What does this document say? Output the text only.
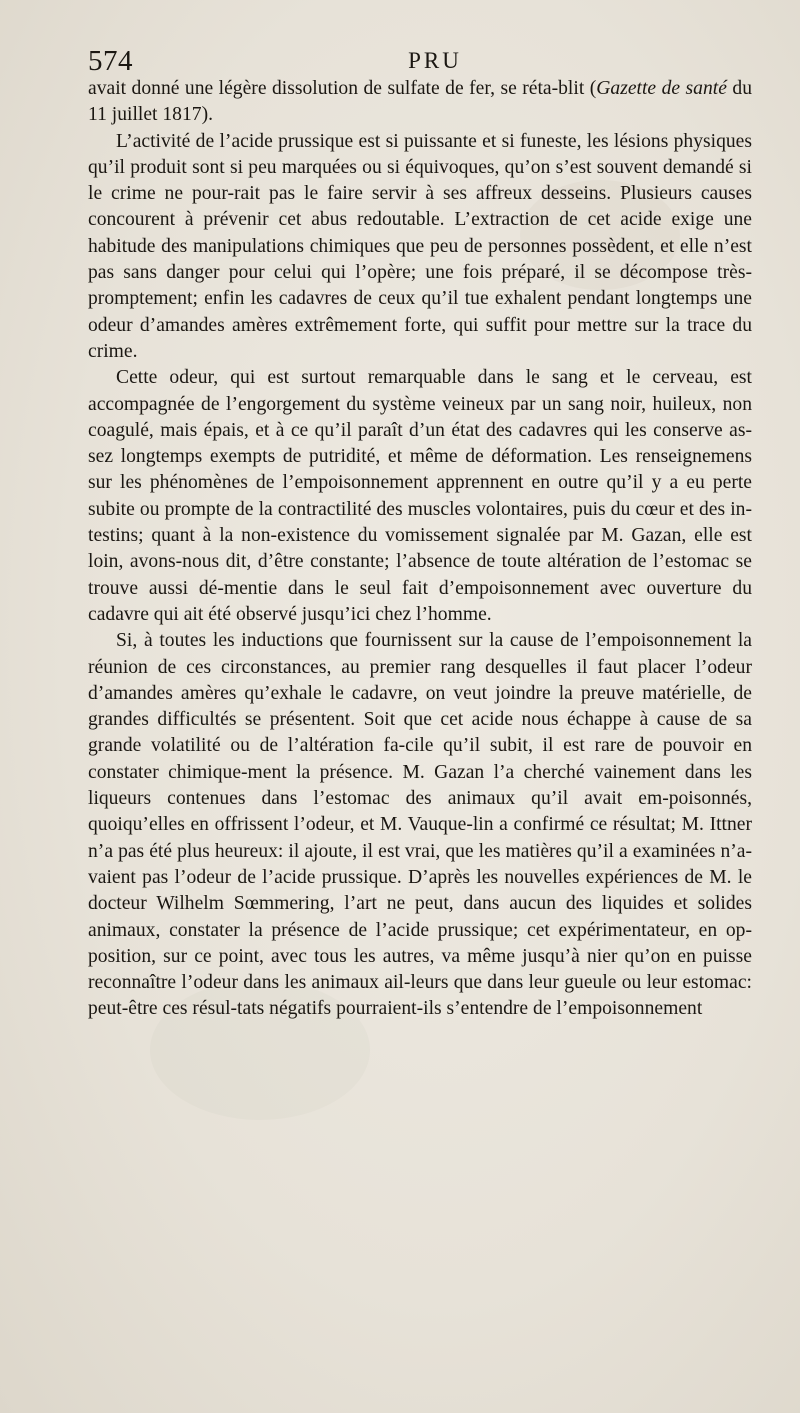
574	PRU

avait donné une légère dissolution de sulfate de fer, se réta-blit (Gazette de santé du 11 juillet 1817).

L’activité de l’acide prussique est si puissante et si funeste, les lésions physiques qu’il produit sont si peu marquées ou si équivoques, qu’on s’est souvent demandé si le crime ne pour-rait pas le faire servir à ses affreux desseins. Plusieurs causes concourent à prévenir cet abus redoutable. L’extraction de cet acide exige une habitude des manipulations chimiques que peu de personnes possèdent, et elle n’est pas sans danger pour celui qui l’opère; une fois préparé, il se décompose très-promptement; enfin les cadavres de ceux qu’il tue exhalent pendant longtemps une odeur d’amandes amères extrêmement forte, qui suffit pour mettre sur la trace du crime.

Cette odeur, qui est surtout remarquable dans le sang et le cerveau, est accompagnée de l’engorgement du système veineux par un sang noir, huileux, non coagulé, mais épais, et à ce qu’il paraît d’un état des cadavres qui les conserve as-sez longtemps exempts de putridité, et même de déformation. Les renseignemens sur les phénomènes de l’empoisonnement apprennent en outre qu’il y a eu perte subite ou prompte de la contractilité des muscles volontaires, puis du cœur et des in-testins; quant à la non-existence du vomissement signalée par M. Gazan, elle est loin, avons-nous dit, d’être constante; l’absence de toute altération de l’estomac se trouve aussi dé-mentie dans le seul fait d’empoisonnement avec ouverture du cadavre qui ait été observé jusqu’ici chez l’homme.

Si, à toutes les inductions que fournissent sur la cause de l’empoisonnement la réunion de ces circonstances, au premier rang desquelles il faut placer l’odeur d’amandes amères qu’exhale le cadavre, on veut joindre la preuve matérielle, de grandes difficultés se présentent. Soit que cet acide nous échappe à cause de sa grande volatilité ou de l’altération fa-cile qu’il subit, il est rare de pouvoir en constater chimique-ment la présence. M. Gazan l’a cherché vainement dans les liqueurs contenues dans l’estomac des animaux qu’il avait em-poisonnés, quoiqu’elles en offrissent l’odeur, et M. Vauque-lin a confirmé ce résultat; M. Ittner n’a pas été plus heureux: il ajoute, il est vrai, que les matières qu’il a examinées n’a-vaient pas l’odeur de l’acide prussique. D’après les nouvelles expériences de M. le docteur Wilhelm Sœmmering, l’art ne peut, dans aucun des liquides et solides animaux, constater la présence de l’acide prussique; cet expérimentateur, en op-position, sur ce point, avec tous les autres, va même jusqu’à nier qu’on en puisse reconnaître l’odeur dans les animaux ail-leurs que dans leur gueule ou leur estomac: peut-être ces résul-tats négatifs pourraient-ils s’entendre de l’empoisonnement
